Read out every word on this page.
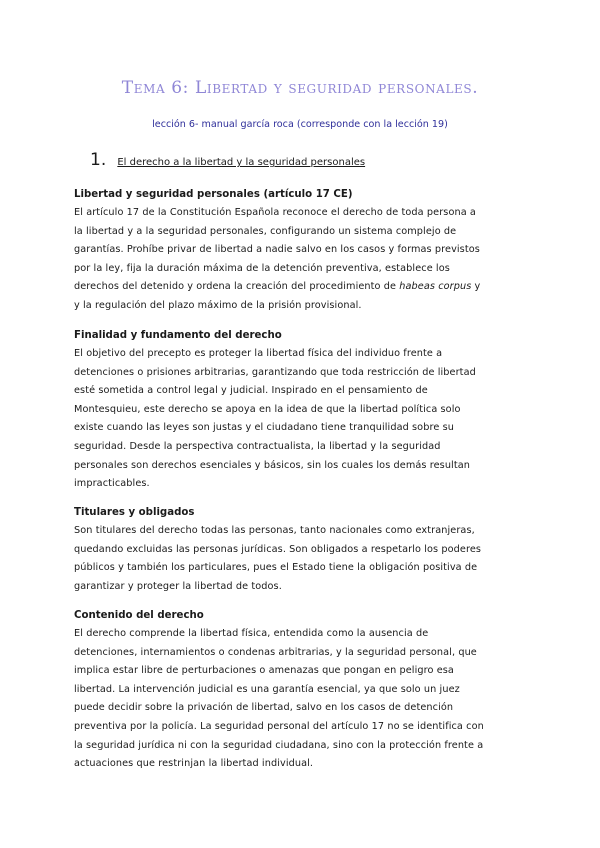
Tema 6: Libertad y seguridad personales.
lección 6- manual garcía roca (corresponde con la lección 19)
1. El derecho a la libertad y la seguridad personales
Libertad y seguridad personales (artículo 17 CE)

El artículo 17 de la Constitución Española reconoce el derecho de toda persona a
la libertad y a la seguridad personales, configurando un sistema complejo de
garantías. Prohíbe privar de libertad a nadie salvo en los casos y formas previstos
por la ley, fija la duración máxima de la detención preventiva, establece los
derechos del detenido y ordena la creación del procedimiento de habeas corpus y
y la regulación del plazo máximo de la prisión provisional.

Finalidad y fundamento del derecho

El objetivo del precepto es proteger la libertad física del individuo frente a
detenciones o prisiones arbitrarias, garantizando que toda restricción de libertad
esté sometida a control legal y judicial. Inspirado en el pensamiento de
Montesquieu, este derecho se apoya en la idea de que la libertad política solo
existe cuando las leyes son justas y el ciudadano tiene tranquilidad sobre su
seguridad. Desde la perspectiva contractualista, la libertad y la seguridad
personales son derechos esenciales y básicos, sin los cuales los demás resultan
impracticables.

Titulares y obligados

Son titulares del derecho todas las personas, tanto nacionales como extranjeras,
quedando excluidas las personas jurídicas. Son obligados a respetarlo los poderes
públicos y también los particulares, pues el Estado tiene la obligación positiva de
garantizar y proteger la libertad de todos.

Contenido del derecho

El derecho comprende la libertad física, entendida como la ausencia de
detenciones, internamientos o condenas arbitrarias, y la seguridad personal, que
implica estar libre de perturbaciones o amenazas que pongan en peligro esa
libertad. La intervención judicial es una garantía esencial, ya que solo un juez
puede decidir sobre la privación de libertad, salvo en los casos de detención
preventiva por la policía. La seguridad personal del artículo 17 no se identifica con
la seguridad jurídica ni con la seguridad ciudadana, sino con la protección frente a
actuaciones que restrinjan la libertad individual.
